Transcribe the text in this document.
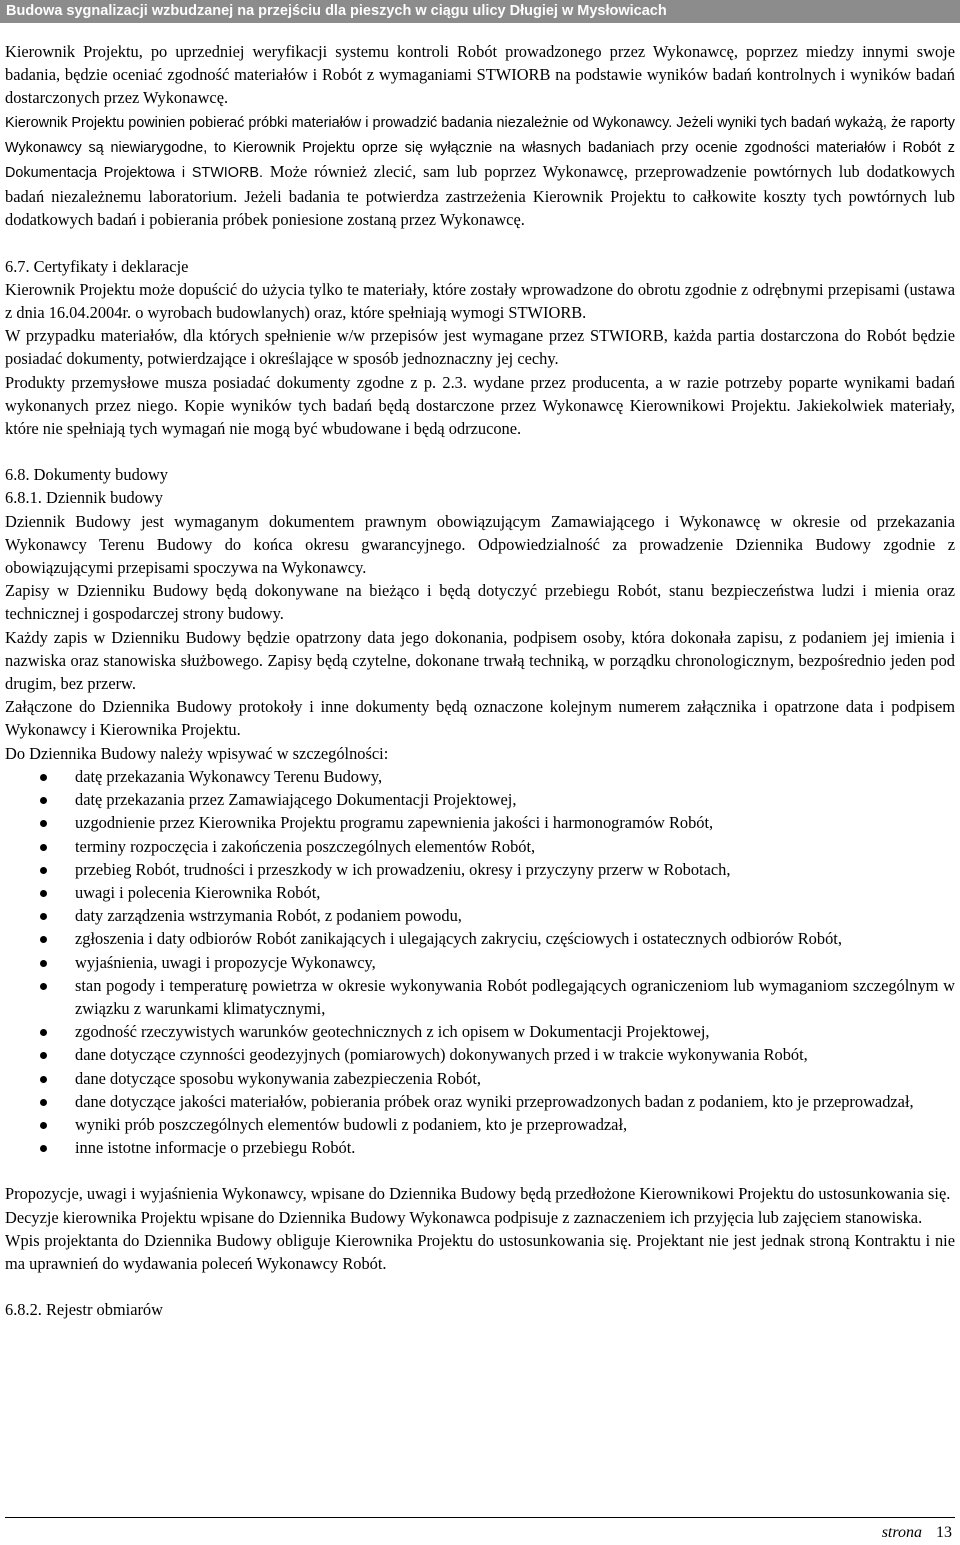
Budowa sygnalizacji wzbudzanej na przejściu dla pieszych w ciągu ulicy Długiej w Mysłowicach

Kierownik Projektu, po uprzedniej weryfikacji systemu kontroli Robót prowadzonego przez Wykonawcę, poprzez miedzy innymi swoje badania, będzie oceniać zgodność materiałów i Robót z wymaganiami STWIORB na podstawie wyników badań kontrolnych i wyników badań dostarczonych przez Wykonawcę.

Kierownik Projektu powinien pobierać próbki materiałów i prowadzić badania niezależnie od Wykonawcy. Jeżeli wyniki tych badań wykażą, że raporty Wykonawcy są niewiarygodne, to Kierownik Projektu oprze się wyłącznie na własnych badaniach przy ocenie zgodności materiałów i Robót z Dokumentacja Projektowa i STWIORB. Może również zlecić, sam lub poprzez Wykonawcę, przeprowadzenie powtórnych lub dodatkowych badań niezależnemu laboratorium. Jeżeli badania te potwierdza zastrzeżenia Kierownik Projektu to całkowite koszty tych powtórnych lub dodatkowych badań i pobierania próbek poniesione zostaną przez Wykonawcę.

6.7. Certyfikaty i deklaracje

Kierownik Projektu może dopuścić do użycia tylko te materiały, które zostały wprowadzone do obrotu zgodnie z odrębnymi przepisami (ustawa z dnia 16.04.2004r. o wyrobach budowlanych) oraz, które spełniają wymogi STWIORB.

W przypadku materiałów, dla których spełnienie w/w przepisów jest wymagane przez STWIORB, każda partia dostarczona do Robót będzie posiadać dokumenty, potwierdzające i określające w sposób jednoznaczny jej cechy.

Produkty przemysłowe musza posiadać dokumenty zgodne z p. 2.3. wydane przez producenta, a w razie potrzeby poparte wynikami badań wykonanych przez niego. Kopie wyników tych badań będą dostarczone przez Wykonawcę Kierownikowi Projektu. Jakiekolwiek materiały, które nie spełniają tych wymagań nie mogą być wbudowane i będą odrzucone.

6.8. Dokumenty budowy

6.8.1. Dziennik budowy

Dziennik Budowy jest wymaganym dokumentem prawnym obowiązującym Zamawiającego i Wykonawcę w okresie od przekazania Wykonawcy Terenu Budowy do końca okresu gwarancyjnego. Odpowiedzialność za prowadzenie Dziennika Budowy zgodnie z obowiązującymi przepisami spoczywa na Wykonawcy.

Zapisy w Dzienniku Budowy będą dokonywane na bieżąco i będą dotyczyć przebiegu Robót, stanu bezpieczeństwa ludzi i mienia oraz technicznej i gospodarczej strony budowy.

Każdy zapis w Dzienniku Budowy będzie opatrzony data jego dokonania, podpisem osoby, która dokonała zapisu, z podaniem jej imienia i nazwiska oraz stanowiska służbowego. Zapisy będą czytelne, dokonane trwałą techniką, w porządku chronologicznym, bezpośrednio jeden pod drugim, bez przerw.

Załączone do Dziennika Budowy protokoły i inne dokumenty będą oznaczone kolejnym numerem załącznika i opatrzone data i podpisem Wykonawcy i Kierownika Projektu.

Do Dziennika Budowy należy wpisywać w szczególności:

datę przekazania Wykonawcy Terenu Budowy,
datę przekazania przez Zamawiającego Dokumentacji Projektowej,
uzgodnienie przez Kierownika Projektu programu zapewnienia jakości i harmonogramów Robót,
terminy rozpoczęcia i zakończenia poszczególnych elementów Robót,
przebieg Robót, trudności i przeszkody w ich prowadzeniu, okresy i przyczyny przerw w Robotach,
uwagi i polecenia Kierownika Robót,
daty zarządzenia wstrzymania Robót, z podaniem powodu,
zgłoszenia i daty odbiorów Robót zanikających i ulegających zakryciu, częściowych i ostatecznych odbiorów Robót,
wyjaśnienia, uwagi i propozycje Wykonawcy,
stan pogody i temperaturę powietrza w okresie wykonywania Robót podlegających ograniczeniom lub wymaganiom szczególnym w związku z warunkami klimatycznymi,
zgodność rzeczywistych warunków geotechnicznych z ich opisem w Dokumentacji Projektowej,
dane dotyczące czynności geodezyjnych (pomiarowych) dokonywanych przed i w trakcie wykonywania Robót,
dane dotyczące sposobu wykonywania zabezpieczenia Robót,
dane dotyczące jakości materiałów, pobierania próbek oraz wyniki przeprowadzonych badan z podaniem, kto je przeprowadzał,
wyniki prób poszczególnych elementów budowli z podaniem, kto je przeprowadzał,
inne istotne informacje o przebiegu Robót.

Propozycje, uwagi i wyjaśnienia Wykonawcy, wpisane do Dziennika Budowy będą przedłożone Kierownikowi Projektu do ustosunkowania się.

Decyzje kierownika Projektu wpisane do Dziennika Budowy Wykonawca podpisuje z zaznaczeniem ich przyjęcia lub zajęciem stanowiska.

Wpis projektanta do Dziennika Budowy obliguje Kierownika Projektu do ustosunkowania się. Projektant nie jest jednak stroną Kontraktu i nie ma uprawnień do wydawania poleceń Wykonawcy Robót.

6.8.2. Rejestr obmiarów

strona 13
